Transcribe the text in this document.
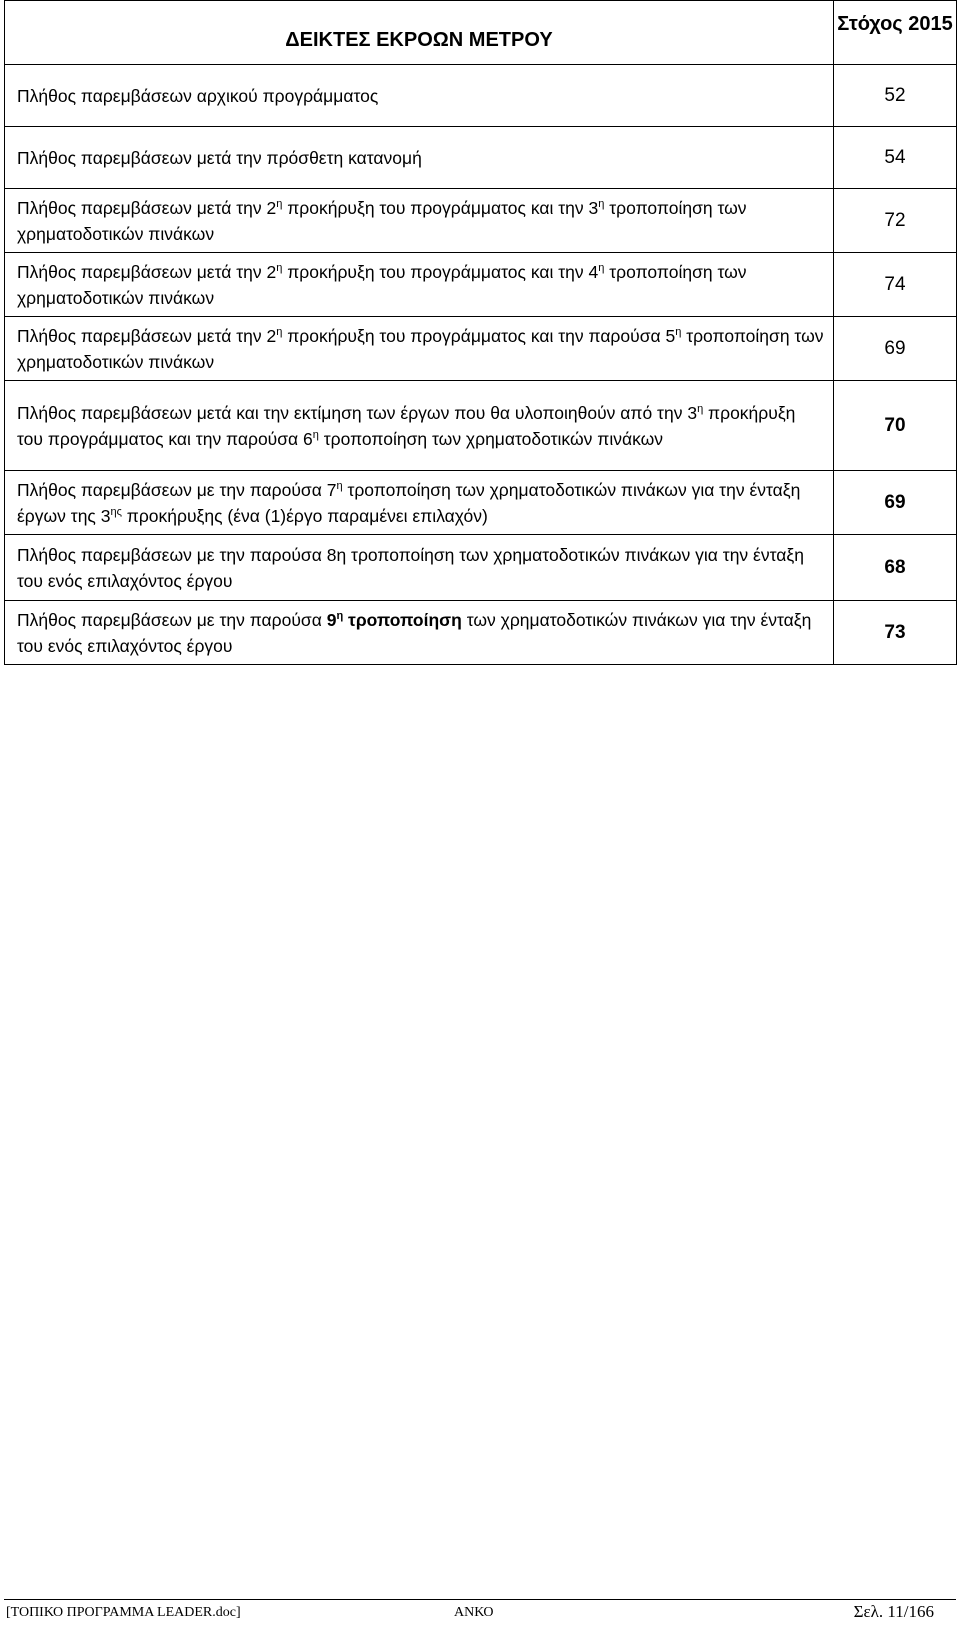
ΔΕΙΚΤΕΣ ΕΚΡΟΩΝ ΜΕΤΡΟΥ	Στόχος 2015
Πλήθος παρεμβάσεων αρχικού προγράμματος	52
Πλήθος παρεμβάσεων μετά την πρόσθετη κατανομή	54
Πλήθος παρεμβάσεων μετά την $2^\eta$ προκήρυξη του προγράμματος και την $3^\eta$ τροποποίηση των χρηματοδοτικών πινάκων	72
Πλήθος παρεμβάσεων μετά την $2^\eta$ προκήρυξη του προγράμματος και την $4^\eta$ τροποποίηση των χρηματοδοτικών πινάκων	74
Πλήθος παρεμβάσεων μετά την $2^\eta$ προκήρυξη του προγράμματος και την παρούσα $5^\eta$ τροποποίηση των χρηματοδοτικών πινάκων	69
Πλήθος παρεμβάσεων μετά και την εκτίμηση των έργων που θα υλοποιηθούν από την $3^\eta$ προκήρυξη του προγράμματος και την παρούσα $6^\eta$ τροποποίηση των χρηματοδοτικών πινάκων	70
Πλήθος παρεμβάσεων με την παρούσα $7^\eta$ τροποποίηση των χρηματοδοτικών πινάκων για την ένταξη έργων της $3^{\eta\varsigma}$ προκήρυξης (ένα (1)έργο παραμένει επιλαχόν)	69
Πλήθος παρεμβάσεων με την παρούσα 8η τροποποίηση των χρηματοδοτικών πινάκων για την ένταξη του ενός επιλαχόντος έργου	68
Πλήθος παρεμβάσεων με την παρούσα $9^\eta$ τροποποίηση των χρηματοδοτικών πινάκων για την ένταξη του ενός επιλαχόντος έργου	73
[ΤΟΠΙΚΟ ΠΡΟΓΡΑΜΜΑ LEADER.doc]	ΑΝΚΟ	Σελ. 11/166
